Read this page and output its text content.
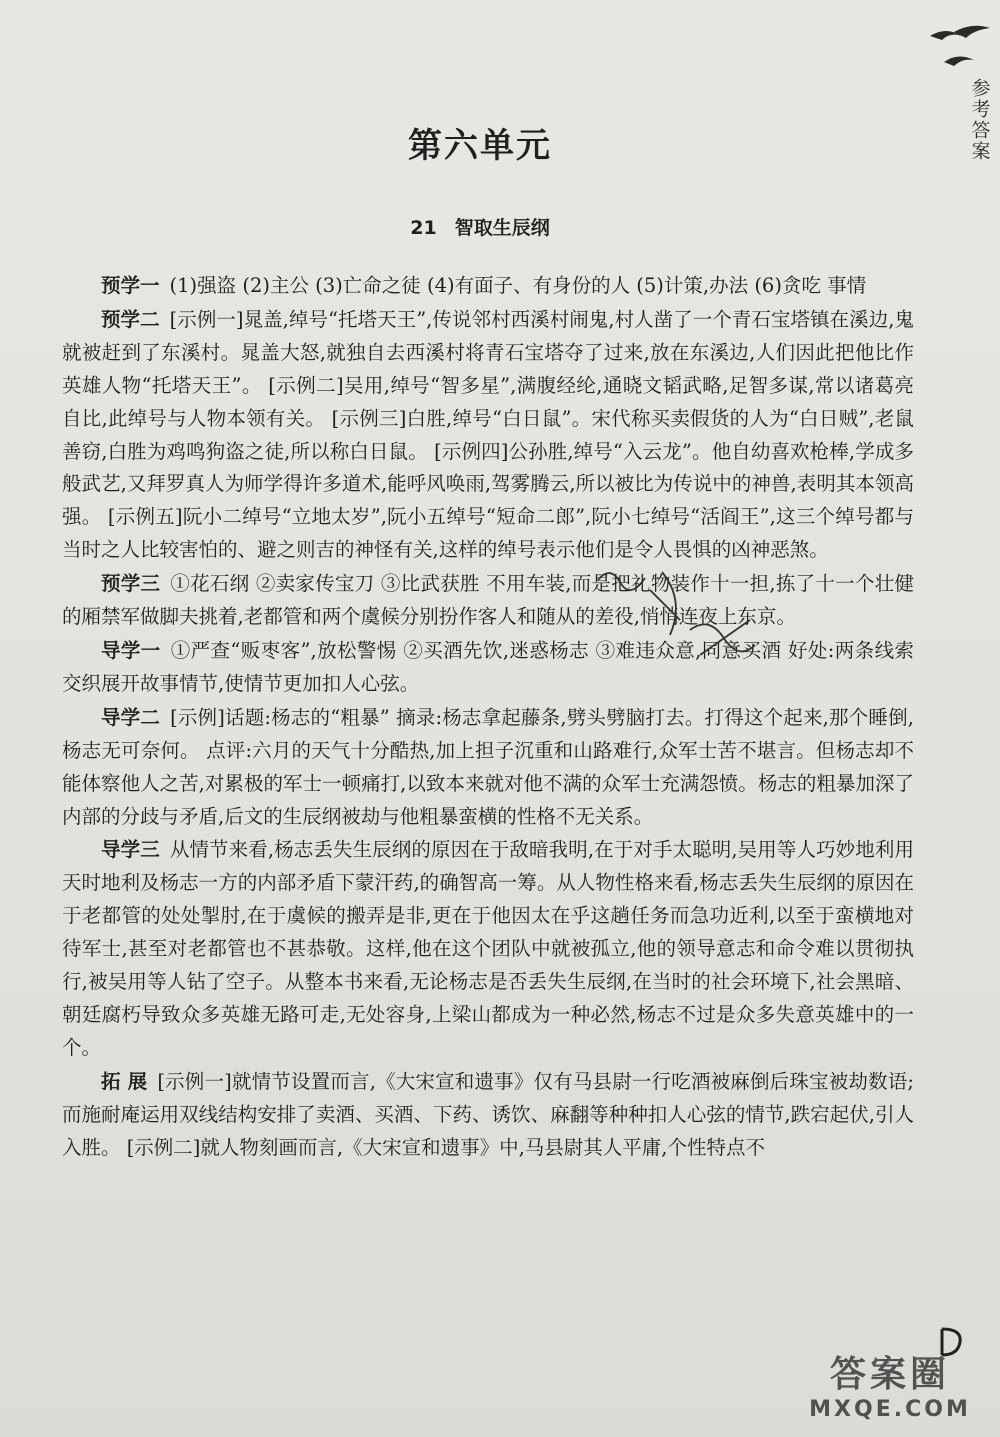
参考答案
第六单元
21 智取生辰纲

预学一 (1)强盗 (2)主公 (3)亡命之徒 (4)有面子、有身份的人 (5)计策,办法 (6)贪吃 事情

预学二 [示例一]晁盖,绰号“托塔天王”,传说邻村西溪村闹鬼,村人凿了一个青石宝塔镇在溪边,鬼就被赶到了东溪村。晁盖大怒,就独自去西溪村将青石宝塔夺了过来,放在东溪边,人们因此把他比作英雄人物“托塔天王”。 [示例二]吴用,绰号“智多星”,满腹经纶,通晓文韬武略,足智多谋,常以诸葛亮自比,此绰号与人物本领有关。 [示例三]白胜,绰号“白日鼠”。宋代称买卖假货的人为“白日贼”,老鼠善窃,白胜为鸡鸣狗盗之徒,所以称白日鼠。 [示例四]公孙胜,绰号“入云龙”。他自幼喜欢枪棒,学成多般武艺,又拜罗真人为师学得许多道术,能呼风唤雨,驾雾腾云,所以被比为传说中的神兽,表明其本领高强。 [示例五]阮小二绰号“立地太岁”,阮小五绰号“短命二郎”,阮小七绰号“活阎王”,这三个绰号都与当时之人比较害怕的、避之则吉的神怪有关,这样的绰号表示他们是令人畏惧的凶神恶煞。

预学三 ①花石纲 ②卖家传宝刀 ③比武获胜 不用车装,而是把礼物装作十一担,拣了十一个壮健的厢禁军做脚夫挑着,老都管和两个虞候分别扮作客人和随从的差役,悄悄连夜上东京。

导学一 ①严查“贩枣客”,放松警惕 ②买酒先饮,迷惑杨志 ③难违众意,同意买酒 好处:两条线索交织展开故事情节,使情节更加扣人心弦。

导学二 [示例]话题:杨志的“粗暴” 摘录:杨志拿起藤条,劈头劈脑打去。打得这个起来,那个睡倒,杨志无可奈何。 点评:六月的天气十分酷热,加上担子沉重和山路难行,众军士苦不堪言。但杨志却不能体察他人之苦,对累极的军士一顿痛打,以致本来就对他不满的众军士充满怨愤。杨志的粗暴加深了内部的分歧与矛盾,后文的生辰纲被劫与他粗暴蛮横的性格不无关系。

导学三 从情节来看,杨志丢失生辰纲的原因在于敌暗我明,在于对手太聪明,吴用等人巧妙地利用天时地利及杨志一方的内部矛盾下蒙汗药,的确智高一筹。从人物性格来看,杨志丢失生辰纲的原因在于老都管的处处掣肘,在于虞候的搬弄是非,更在于他因太在乎这趟任务而急功近利,以至于蛮横地对待军士,甚至对老都管也不甚恭敬。这样,他在这个团队中就被孤立,他的领导意志和命令难以贯彻执行,被吴用等人钻了空子。从整本书来看,无论杨志是否丢失生辰纲,在当时的社会环境下,社会黑暗、朝廷腐朽导致众多英雄无路可走,无处容身,上梁山都成为一种必然,杨志不过是众多失意英雄中的一个。

拓 展 [示例一]就情节设置而言,《大宋宣和遗事》仅有马县尉一行吃酒被麻倒后珠宝被劫数语;而施耐庵运用双线结构安排了卖酒、买酒、下药、诱饮、麻翻等种种扣人心弦的情节,跌宕起伏,引人入胜。 [示例二]就人物刻画而言,《大宋宣和遗事》中,马县尉其人平庸,个性特点不

答案圈
MXQE.COM
